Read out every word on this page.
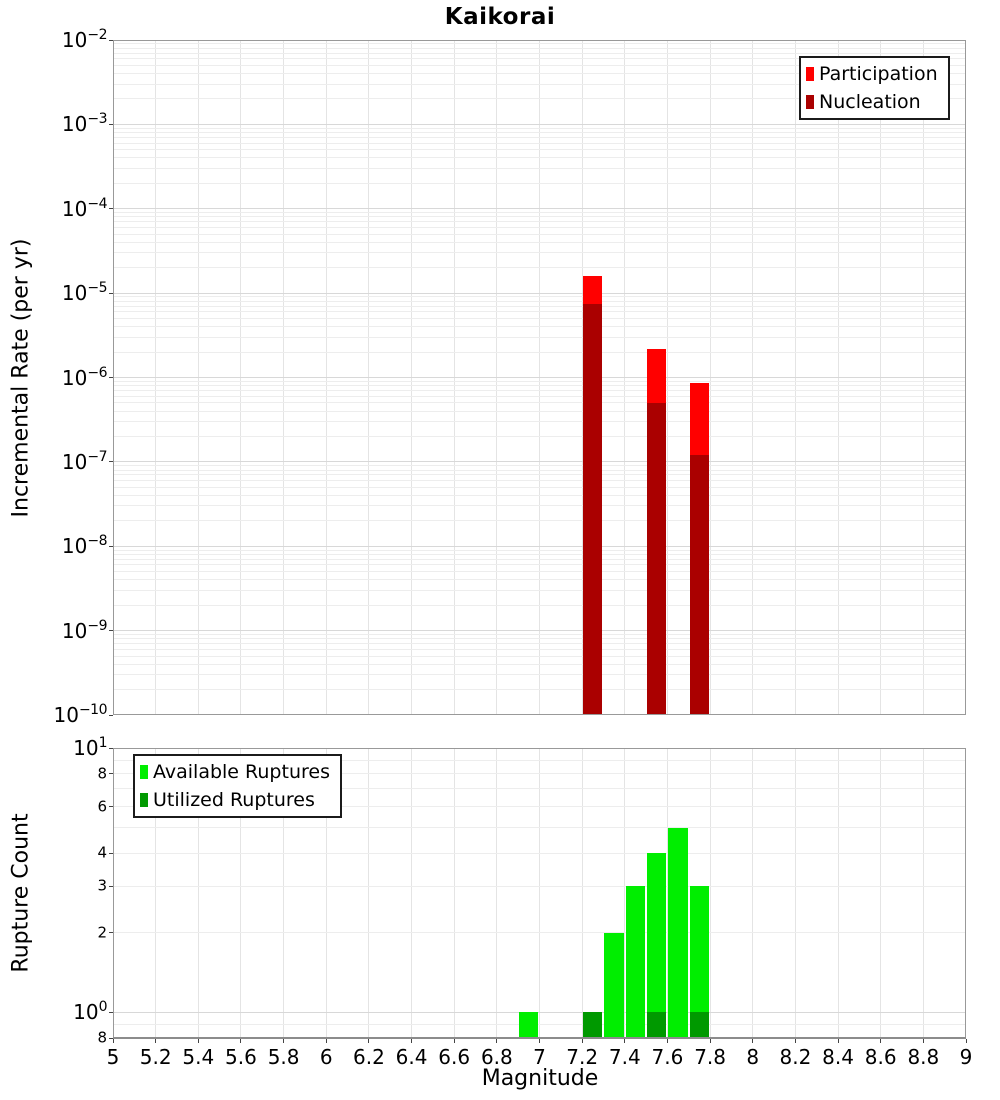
Kaikorai
Incremental Rate (per yr)
Rupture Count
Magnitude
Participation
Nucleation
Available Ruptures
Utilized Ruptures
$10^{-2}$
$10^{-3}$
$10^{-4}$
$10^{-5}$
$10^{-6}$
$10^{-7}$
$10^{-8}$
$10^{-9}$
$10^{-10}$
$10^1$
8
6
4
3
2
$10^0$
8
5 5.2 5.4 5.6 5.8 6 6.2 6.4 6.6 6.8 7 7.2 7.4 7.6 7.8 8 8.2 8.4 8.6 8.8 9
